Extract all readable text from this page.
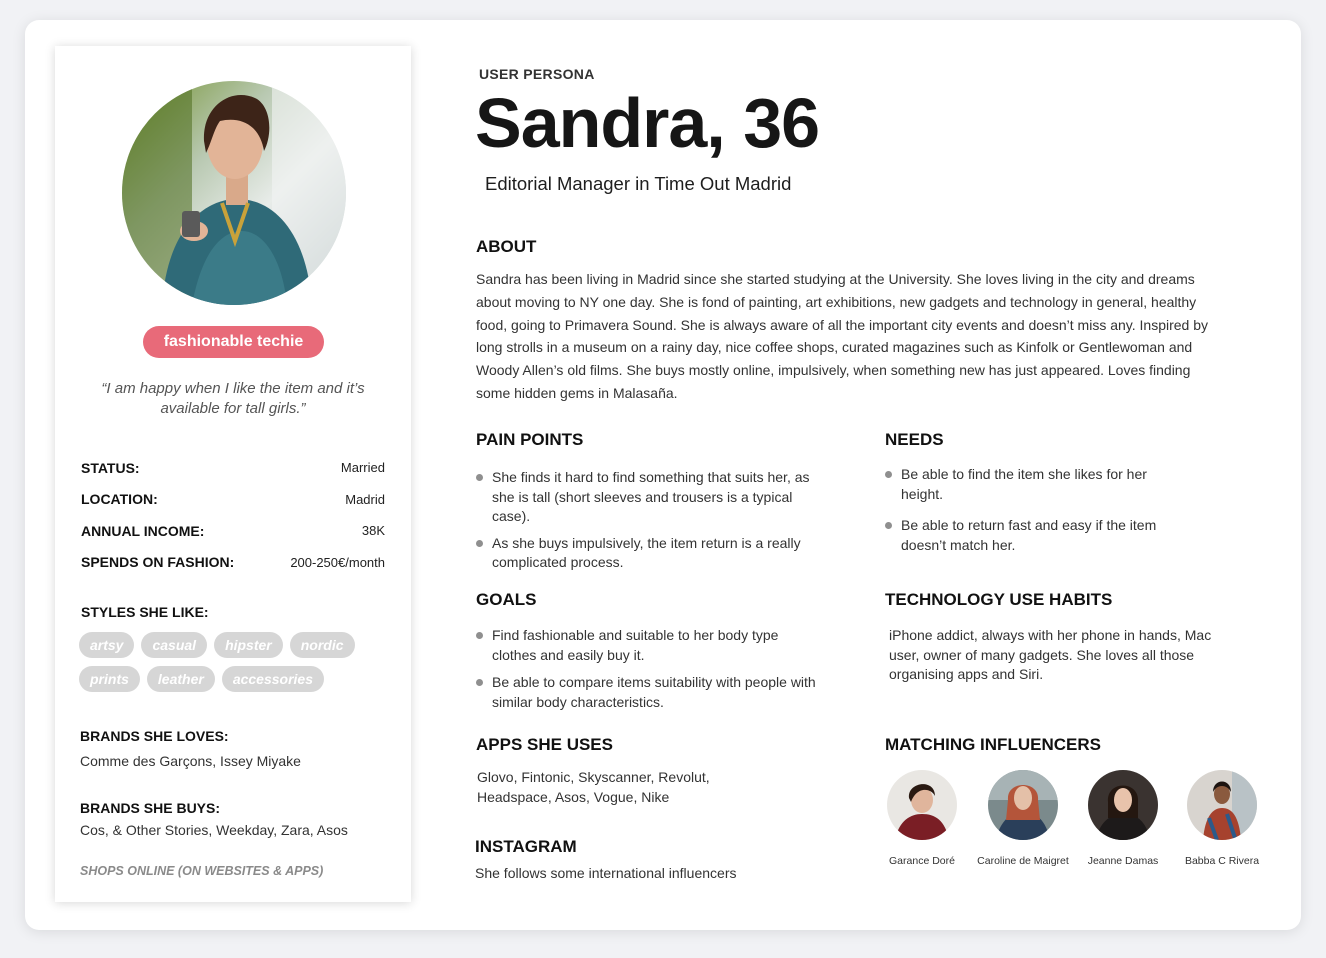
fashionable techie
“I am happy when I like the item and it’s available for tall girls.”
STATUS:	Married
LOCATION:	Madrid
ANNUAL INCOME:	38K
SPENDS ON FASHION:	200-250€/month
STYLES SHE LIKE:
artsy	casual	hipster	nordic
prints	leather	accessories
BRANDS SHE LOVES:
Comme des Garçons, Issey Miyake
BRANDS SHE BUYS:
Cos, & Other Stories, Weekday, Zara, Asos
SHOPS ONLINE (ON WEBSITES & APPS)
USER PERSONA
Sandra, 36
Editorial Manager in Time Out Madrid
ABOUT
Sandra has been living in Madrid since she started studying at the University. She loves living in the city and dreams about moving to NY one day. She is fond of painting, art exhibitions, new gadgets and technology in general, healthy food, going to Primavera Sound. She is always aware of all the important city events and doesn’t miss any. Inspired by long strolls in a museum on a rainy day, nice coffee shops, curated magazines such as Kinfolk or Gentlewoman and Woody Allen’s old films. She buys mostly online, impulsively, when something new has just appeared. Loves finding some hidden gems in Malasaña.
PAIN POINTS
She finds it hard to find something that suits her, as she is tall (short sleeves and trousers is a typical case).
As she buys impulsively, the item return is a really complicated process.
NEEDS
Be able to find the item she likes for her height.
Be able to return fast and easy if the item doesn’t match her.
GOALS
Find fashionable and suitable to her body type clothes and easily buy it.
Be able to compare items suitability with people with similar body characteristics.
TECHNOLOGY USE HABITS
iPhone addict, always with her phone in hands, Mac user, owner of many gadgets. She loves all those organising apps and Siri.
APPS SHE USES
Glovo, Fintonic, Skyscanner, Revolut, Headspace, Asos, Vogue, Nike
INSTAGRAM
She follows some international influencers
MATCHING INFLUENCERS
Garance Doré	Caroline de Maigret	Jeanne Damas	Babba C Rivera
